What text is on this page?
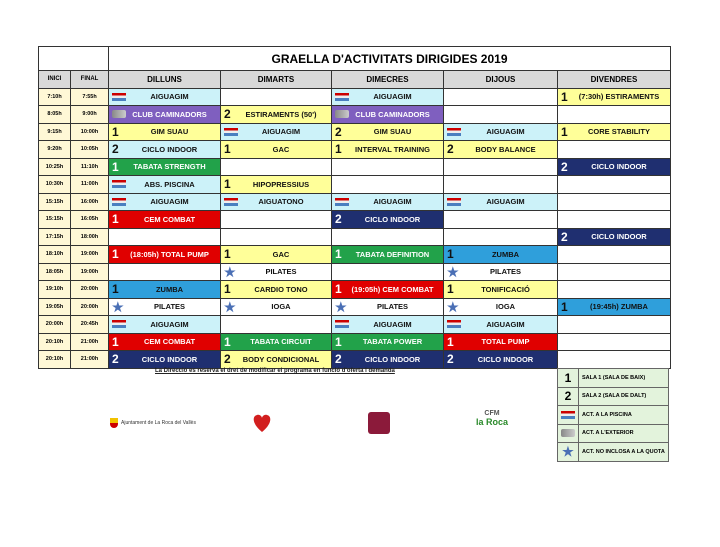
		GRAELLA D'ACTIVITATS DIRIGIDES 2019				
INICI	FINAL	DILLUNS	DIMARTS	DIMECRES	DIJOUS	DIVENDRES
7:10h	7:55h	AIGUAGIM		AIGUAGIM		1 (7:30h) ESTIRAMENTS

8:05h	9:00h	CLUB CAMINADORS	2 ESTIRAMENTS (50')	CLUB CAMINADORS		

9:15h	10:00h	1 GIM SUAU	AIGUAGIM	2 GIM SUAU	AIGUAGIM	1 CORE STABILITY

9:20h	10:05h	2 CICLO INDOOR	1 GAC	1 INTERVAL TRAINING	2 BODY BALANCE	

10:25h	11:10h	1 TABATA STRENGTH				2 CICLO INDOOR

10:30h	11:00h	ABS. PISCINA	1 HIPOPRESSIUS			

15:15h	16:00h	AIGUAGIM	AIGUATONO	AIGUAGIM	AIGUAGIM	

15:15h	16:05h	1 CEM COMBAT		2 CICLO INDOOR		

17:15h	18:00h					2 CICLO INDOOR

18:10h	19:00h	1 (18:05h) TOTAL PUMP	1 GAC	1 TABATA DEFINITION	1 ZUMBA	

18:05h	19:00h		★ PILATES		★ PILATES	

19:10h	20:00h	1 ZUMBA	1 CARDIO TONO	1 (19:05h) CEM COMBAT	1 TONIFICACIÓ	

19:05h	20:00h	★ PILATES	★ IOGA	★ PILATES	★ IOGA	1 (19:45h) ZUMBA

20:00h	20:45h	AIGUAGIM		AIGUAGIM	AIGUAGIM	

20:10h	21:00h	1 CEM COMBAT	1 TABATA CIRCUIT	1 TABATA POWER	1 TOTAL PUMP	

20:10h	21:00h	2 CICLO INDOOR	2 BODY CONDICIONAL	2 CICLO INDOOR	2 CICLO INDOOR	

La Direcció es reserva el dret de modificar el programa en funció d'oferta i demanda	1	SALA 1 (SALA DE BAIX)
2	SALA 2 (SALA DE DALT)
	ACT. A LA PISCINA
	ACT. A L'EXTERIOR
★	ACT. NO INCLOSA A LA QUOTA
Ajuntament de La Roca del Vallès
CFM
la Roca
